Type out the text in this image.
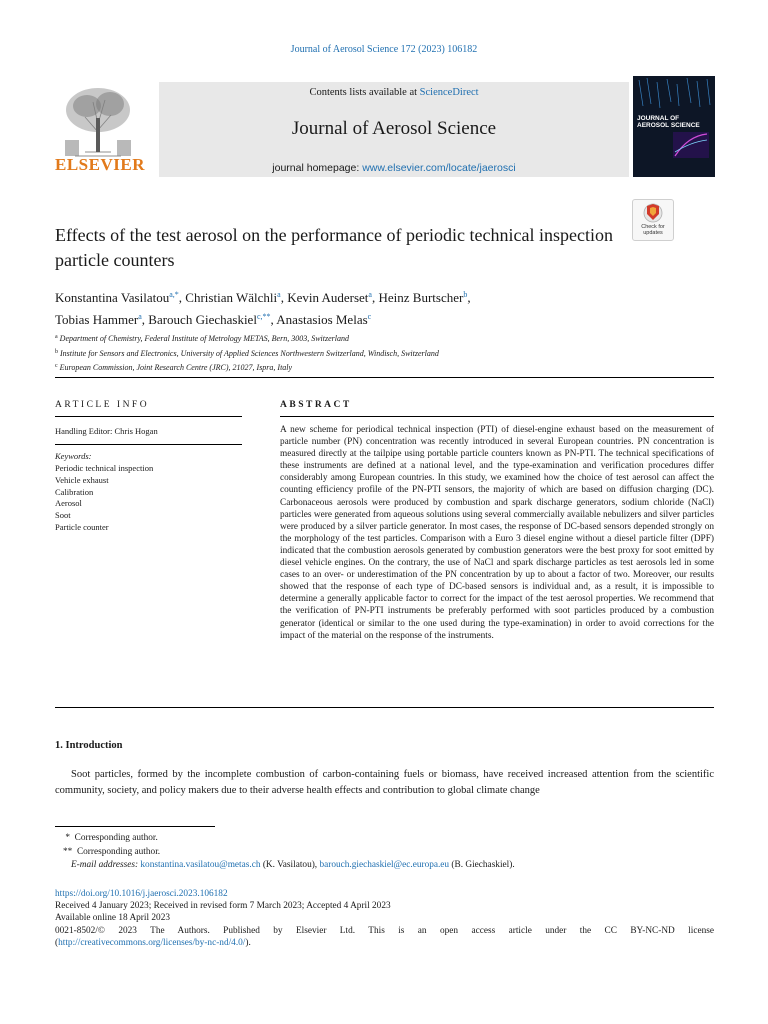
Journal of Aerosol Science 172 (2023) 106182
ELSEVIER
Contents lists available at ScienceDirect
Journal of Aerosol Science
journal homepage: www.elsevier.com/locate/jaerosci
JOURNAL OF AEROSOL SCIENCE
Check for updates
Effects of the test aerosol on the performance of periodic technical inspection particle counters
Konstantina Vasilatou$^{a,*}$, Christian Wälchli$^a$, Kevin Auderset$^a$, Heinz Burtscher$^b$,
Tobias Hammer$^a$, Barouch Giechaskiel$^{c,**}$, Anastasios Melas$^c$
$^a$ Department of Chemistry, Federal Institute of Metrology METAS, Bern, 3003, Switzerland
$^b$ Institute for Sensors and Electronics, University of Applied Sciences Northwestern Switzerland, Windisch, Switzerland
$^c$ European Commission, Joint Research Centre (JRC), 21027, Ispra, Italy
ARTICLE INFO
Handling Editor: Chris Hogan
Keywords:
Periodic technical inspection
Vehicle exhaust
Calibration
Aerosol
Soot
Particle counter
ABSTRACT
A new scheme for periodical technical inspection (PTI) of diesel-engine exhaust based on the measurement of particle number (PN) concentration was recently introduced in several European countries. PN concentration is measured directly at the tailpipe using portable particle counters known as PN-PTI. The technical specifications of these instruments are defined at a national level, and the type-examination and verification procedures differ considerably among European countries. In this study, we examined how the choice of test aerosol can affect the counting efficiency profile of the PN-PTI sensors, the majority of which are based on diffusion charging (DC). Carbonaceous aerosols were produced by combustion and spark discharge generators, sodium chloride (NaCl) particles were generated from aqueous solutions using several commercially available nebulizers and silver particles were produced by a silver particle generator. In most cases, the response of DC-based sensors depended strongly on the morphology of the test particles. Comparison with a Euro 3 diesel engine without a diesel particle filter (DPF) indicated that the combustion aerosols generated by combustion generators were the best proxy for soot emitted by diesel vehicle engines. On the contrary, the use of NaCl and spark discharge particles as test aerosols led in some cases to an over- or underestimation of the PN concentration by up to about a factor of two. Moreover, our results showed that the response of each type of DC-based sensors is individual and, as a result, it is impossible to determine a generally applicable factor to correct for the impact of the test aerosol properties. We recommend that the verification of PN-PTI instruments be preferably performed with soot particles produced by a combustion generator (identical or similar to the one used during the type-examination) in order to avoid corrections for the impact of the material on the response of the instruments.
1. Introduction
Soot particles, formed by the incomplete combustion of carbon-containing fuels or biomass, have received increased attention from the scientific community, society, and policy makers due to their adverse health effects and contribution to global climate change
*  Corresponding author.
**  Corresponding author.
E-mail addresses: konstantina.vasilatou@metas.ch (K. Vasilatou), barouch.giechaskiel@ec.europa.eu (B. Giechaskiel).
https://doi.org/10.1016/j.jaerosci.2023.106182
Received 4 January 2023; Received in revised form 7 March 2023; Accepted 4 April 2023
Available online 18 April 2023
0021-8502/© 2023 The Authors. Published by Elsevier Ltd. This is an open access article under the CC BY-NC-ND license
(http://creativecommons.org/licenses/by-nc-nd/4.0/).
